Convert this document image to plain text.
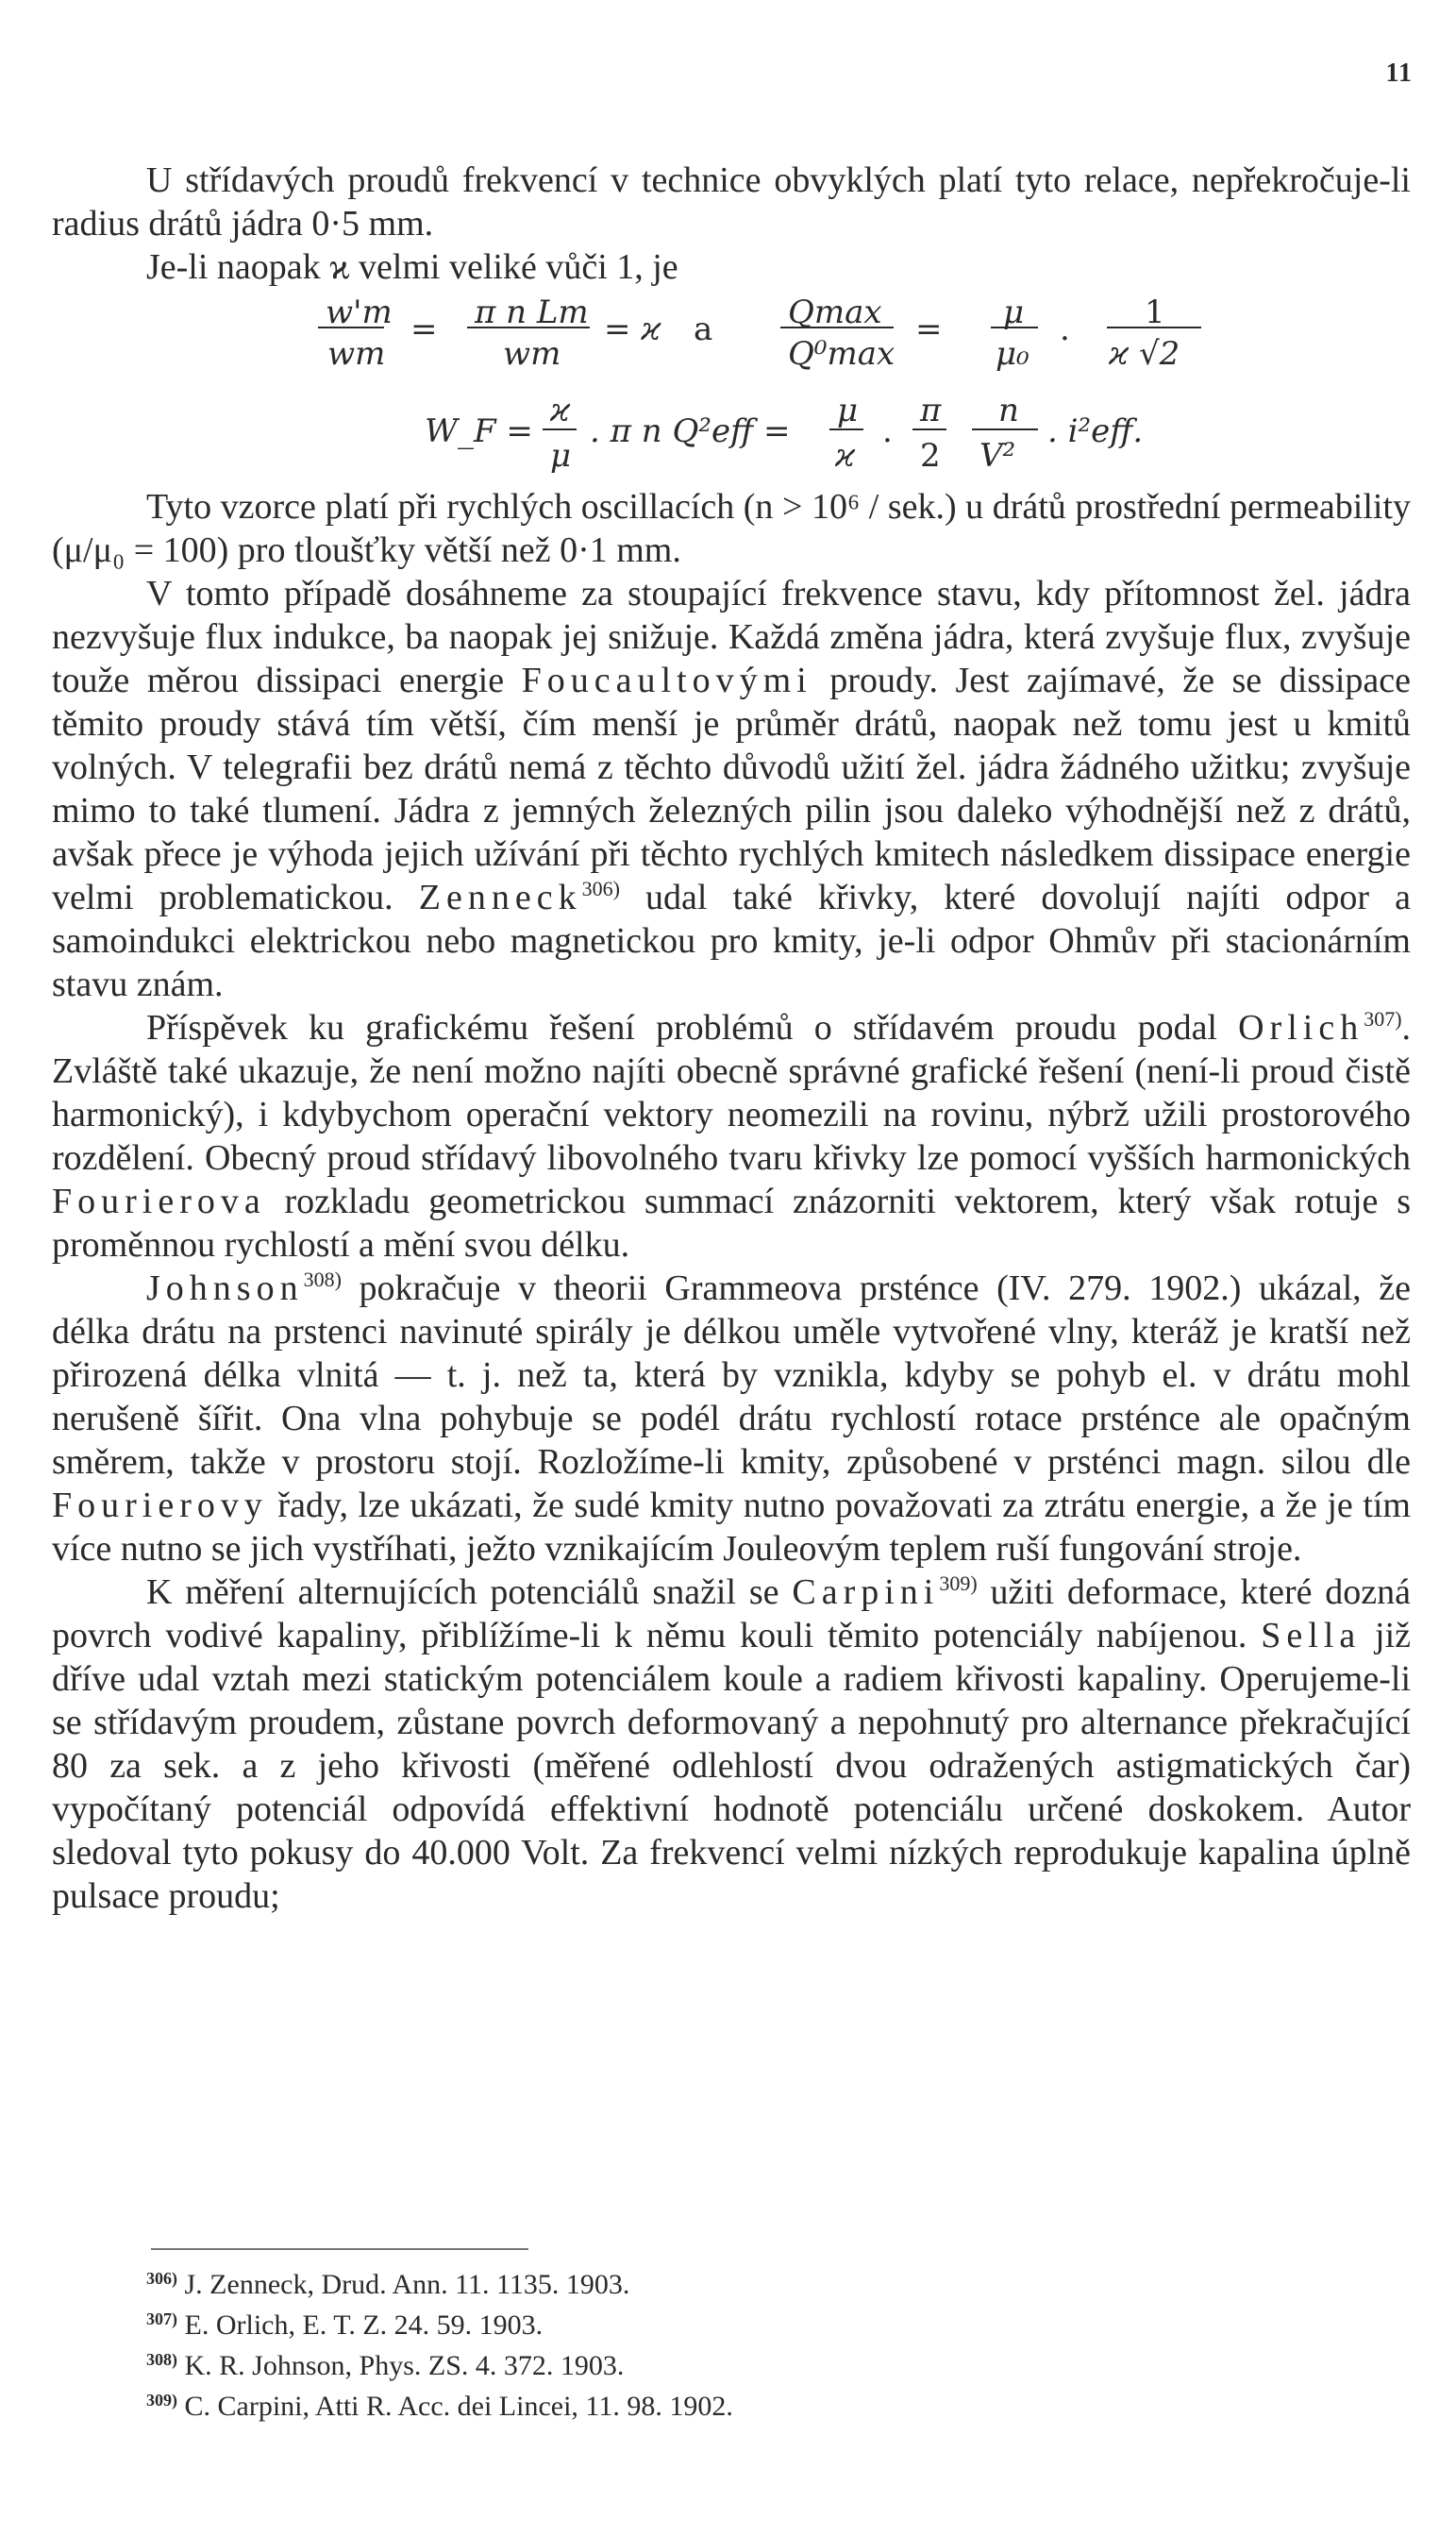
11

U střídavých proudů frekvencí v technice obvyklých platí tyto relace, nepřekročuje-li radius drátů jádra 0·5 mm.

Je-li naopak ϰ velmi veliké vůči 1, je

w'm
wm
= π n Lm
wm
= ϰ a Qmax
Q⁰max
= μ
μ₀
. 1
ϰ √2
W_F =
ϰ
μ
. π n Q²eff =
μ
ϰ
.
π
2
n
V²
. i²eff.

Tyto vzorce platí při rychlých oscillacích (n > 10⁶ / sek.) u drátů prostřední permeability (μ/μ₀ = 100) pro tloušťky větší než 0·1 mm.

V tomto případě dosáhneme za stoupající frekvence stavu, kdy přítomnost žel. jádra nezvyšuje flux indukce, ba naopak jej snižuje. Každá změna jádra, která zvyšuje flux, zvyšuje touže měrou dissipaci energie Foucaultovými proudy. Jest zajímavé, že se dissipace těmito proudy stává tím větší, čím menší je průměr drátů, naopak než tomu jest u kmitů volných. V telegrafii bez drátů nemá z těchto důvodů užití žel. jádra žádného užitku; zvyšuje mimo to také tlumení. Jádra z jemných železných pilin jsou daleko výhodnější než z drátů, avšak přece je výhoda jejich užívání při těchto rychlých kmitech následkem dissipace energie velmi problematickou. Zenneck$^{306)}$ udal také křivky, které dovolují najíti odpor a samoindukci elektrickou nebo magnetickou pro kmity, je-li odpor Ohmův při stacionárním stavu znám.

Příspěvek ku grafickému řešení problémů o střídavém proudu podal Orlich$^{307)}$. Zvláště také ukazuje, že není možno najíti obecně správné grafické řešení (není-li proud čistě harmonický), i kdybychom operační vektory neomezili na rovinu, nýbrž užili prostorového rozdělení. Obecný proud střídavý libovolného tvaru křivky lze pomocí vyšších harmonických Fourierova rozkladu geometrickou summací znázorniti vektorem, který však rotuje s proměnnou rychlostí a mění svou délku.

Johnson$^{308)}$ pokračuje v theorii Grammeova prsténce (IV. 279. 1902.) ukázal, že délka drátu na prstenci navinuté spirály je délkou uměle vytvořené vlny, kteráž je kratší než přirozená délka vlnitá — t. j. než ta, která by vznikla, kdyby se pohyb el. v drátu mohl nerušeně šířit. Ona vlna pohybuje se podél drátu rychlostí rotace prsténce ale opačným směrem, takže v prostoru stojí. Rozložíme-li kmity, způsobené v prsténci magn. silou dle Fourierovy řady, lze ukázati, že sudé kmity nutno považovati za ztrátu energie, a že je tím více nutno se jich vystříhati, ježto vznikajícím Jouleovým teplem ruší fungování stroje.

K měření alternujících potenciálů snažil se Carpini$^{309)}$ užiti deformace, které dozná povrch vodivé kapaliny, přiblížíme-li k němu kouli těmito potenciály nabíjenou. Sella již dříve udal vztah mezi statickým potenciálem koule a radiem křivosti kapaliny. Operujeme-li se střídavým proudem, zůstane povrch deformovaný a nepohnutý pro alternance překračující 80 za sek. a z jeho křivosti (měřené odlehlostí dvou odražených astigmatických čar) vypočítaný potenciál odpovídá effektivní hodnotě potenciálu určené doskokem. Autor sledoval tyto pokusy do 40.000 Volt. Za frekvencí velmi nízkých reprodukuje kapalina úplně pulsace proudu;

$^{306)}$ J. Zenneck, Drud. Ann. 11. 1135. 1903.

$^{307)}$ E. Orlich, E. T. Z. 24. 59. 1903.

$^{308)}$ K. R. Johnson, Phys. ZS. 4. 372. 1903.

$^{309)}$ C. Carpini, Atti R. Acc. dei Lincei, 11. 98. 1902.
